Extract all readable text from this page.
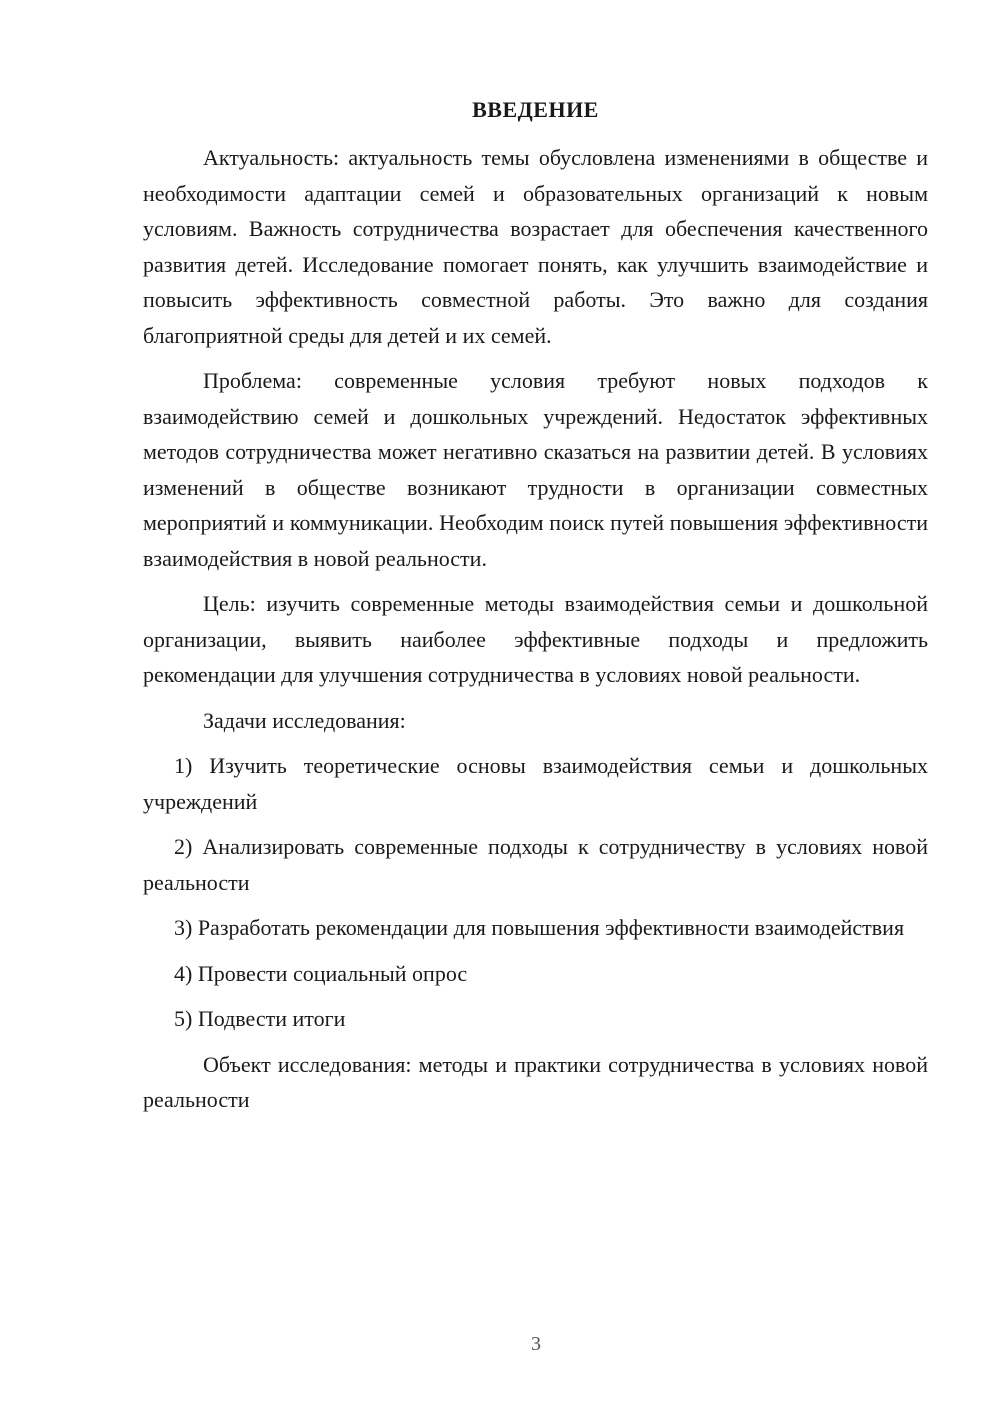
ВВЕДЕНИЕ

Актуальность: актуальность темы обусловлена изменениями в обществе и необходимости адаптации семей и образовательных организаций к новым условиям. Важность сотрудничества возрастает для обеспечения качественного развития детей. Исследование помогает понять, как улучшить взаимодействие и повысить эффективность совместной работы. Это важно для создания благоприятной среды для детей и их семей.

Проблема: современные условия требуют новых подходов к взаимодействию семей и дошкольных учреждений. Недостаток эффективных методов сотрудничества может негативно сказаться на развитии детей. В условиях изменений в обществе возникают трудности в организации совместных мероприятий и коммуникации. Необходим поиск путей повышения эффективности взаимодействия в новой реальности.

Цель: изучить современные методы взаимодействия семьи и дошкольной организации, выявить наиболее эффективные подходы и предложить рекомендации для улучшения сотрудничества в условиях новой реальности.

Задачи исследования:

1) Изучить теоретические основы взаимодействия семьи и дошкольных учреждений

2) Анализировать современные подходы к сотрудничеству в условиях новой реальности

3) Разработать рекомендации для повышения эффективности взаимодействия

4) Провести социальный опрос

5) Подвести итоги

Объект исследования: методы и практики сотрудничества в условиях новой реальности

3
